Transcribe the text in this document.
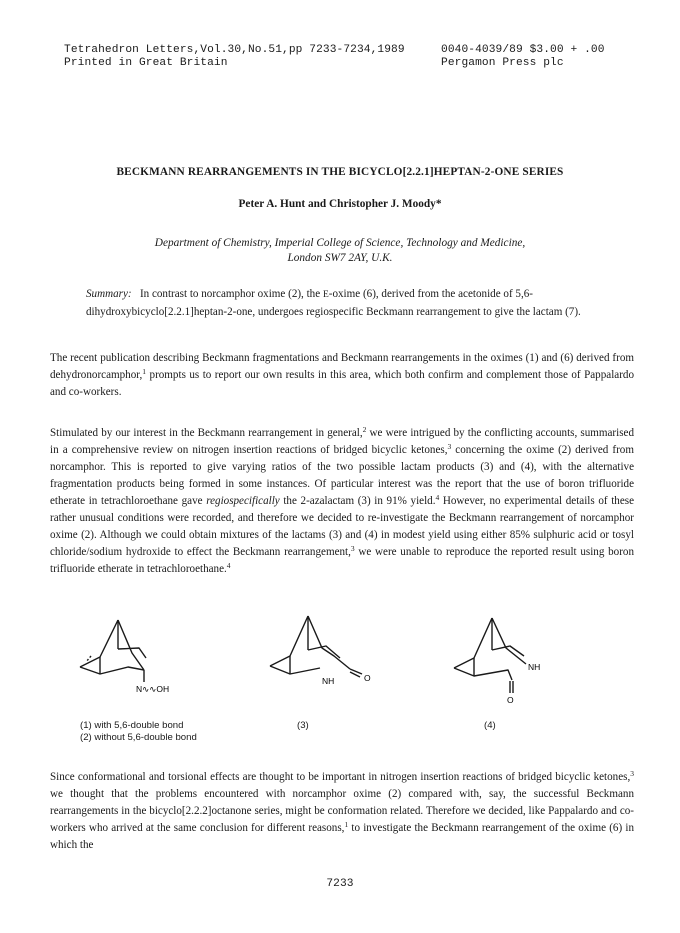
Tetrahedron Letters,Vol.30,No.51,pp 7233-7234,1989
Printed in Great Britain
0040-4039/89 $3.00 + .00
Pergamon Press plc
BECKMANN REARRANGEMENTS IN THE BICYCLO[2.2.1]HEPTAN-2-ONE SERIES
Peter A. Hunt and Christopher J. Moody*
Department of Chemistry, Imperial College of Science, Technology and Medicine,
London SW7 2AY, U.K.
Summary: In contrast to norcamphor oxime (2), the E-oxime (6), derived from the acetonide of 5,6-dihydroxybicyclo[2.2.1]heptan-2-one, undergoes regiospecific Beckmann rearrangement to give the lactam (7).
The recent publication describing Beckmann fragmentations and Beckmann rearrangements in the oximes (1) and (6) derived from dehydronorcamphor,$^1$ prompts us to report our own results in this area, which both confirm and complement those of Pappalardo and co-workers.
Stimulated by our interest in the Beckmann rearrangement in general,$^2$ we were intrigued by the conflicting accounts, summarised in a comprehensive review on nitrogen insertion reactions of bridged bicyclic ketones,$^3$ concerning the oxime (2) derived from norcamphor. This is reported to give varying ratios of the two possible lactam products (3) and (4), with the alternative fragmentation products being formed in some instances. Of particular interest was the report that the use of boron trifluoride etherate in tetrachloroethane gave regiospecifically the 2-azalactam (3) in 91% yield.$^4$ However, no experimental details of these rather unusual conditions were recorded, and therefore we decided to re-investigate the Beckmann rearrangement of norcamphor oxime (2). Although we could obtain mixtures of the lactams (3) and (4) in modest yield using either 85% sulphuric acid or tosyl chloride/sodium hydroxide to effect the Beckmann rearrangement,$^3$ we were unable to reproduce the reported result using boron trifluoride etherate in tetrachloroethane.$^4$
N∿∿OH
NH	O
NH
O
(1) with 5,6-double bond
(2) without 5,6-double bond
(3)	(4)
Since conformational and torsional effects are thought to be important in nitrogen insertion reactions of bridged bicyclic ketones,$^3$ we thought that the problems encountered with norcamphor oxime (2) compared with, say, the successful Beckmann rearrangements in the bicyclo[2.2.2]octanone series, might be conformation related. Therefore we decided, like Pappalardo and co-workers who arrived at the same conclusion for different reasons,$^1$ to investigate the Beckmann rearrangement of the oxime (6) in which the
7233
